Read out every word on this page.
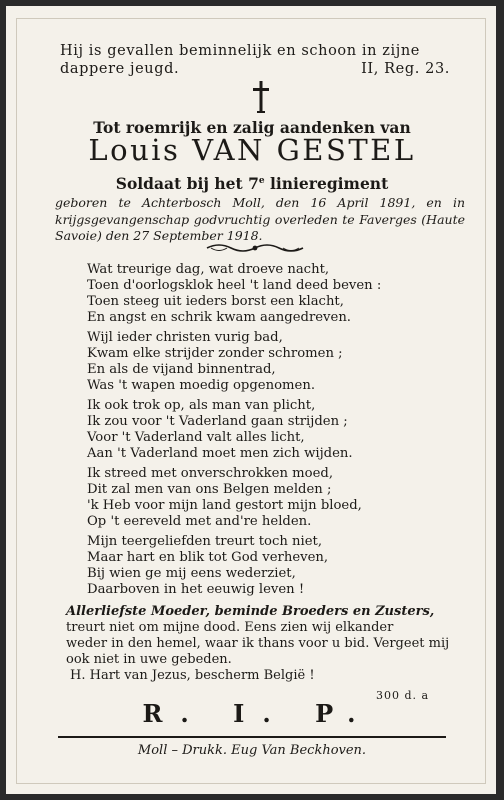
Hij is gevallen beminnelijk en schoon in zijne
dappere jeugd.	II, Reg. 23.
Tot roemrijk en zalig aandenken van
Louis VAN GESTEL
Soldaat bij het 7e linieregiment

geboren te Achterbosch Moll, den 16 April 1891, en in krijgsgevangenschap godvruchtig overleden te Faverges (Haute Savoie) den 27 September 1918.

Wat treurige dag, wat droeve nacht,
Toen d'oorlogsklok heel 't land deed beven :
Toen steeg uit ieders borst een klacht,
En angst en schrik kwam aangedreven.
Wijl ieder christen vurig bad,
Kwam elke strijder zonder schromen ;
En als de vijand binnentrad,
Was 't wapen moedig opgenomen.
Ik ook trok op, als man van plicht,
Ik zou voor 't Vaderland gaan strijden ;
Voor 't Vaderland valt alles licht,
Aan 't Vaderland moet men zich wijden.
Ik streed met onverschrokken moed,
Dit zal men van ons Belgen melden ;
'k Heb voor mijn land gestort mijn bloed,
Op 't eereveld met and're helden.
Mijn teergeliefden treurt toch niet,
Maar hart en blik tot God verheven,
Bij wien ge mij eens wederziet,
Daarboven in het eeuwig leven !
Allerliefste Moeder, beminde Broeders en Zusters,
treurt niet om mijne dood. Eens zien wij elkander
weder in den hemel, waar ik thans voor u bid. Vergeet mij ook niet in uwe gebeden.
H. Hart van Jezus, bescherm België !
300 d. a
R. I. P.
Moll – Drukk. Eug Van Beckhoven.
